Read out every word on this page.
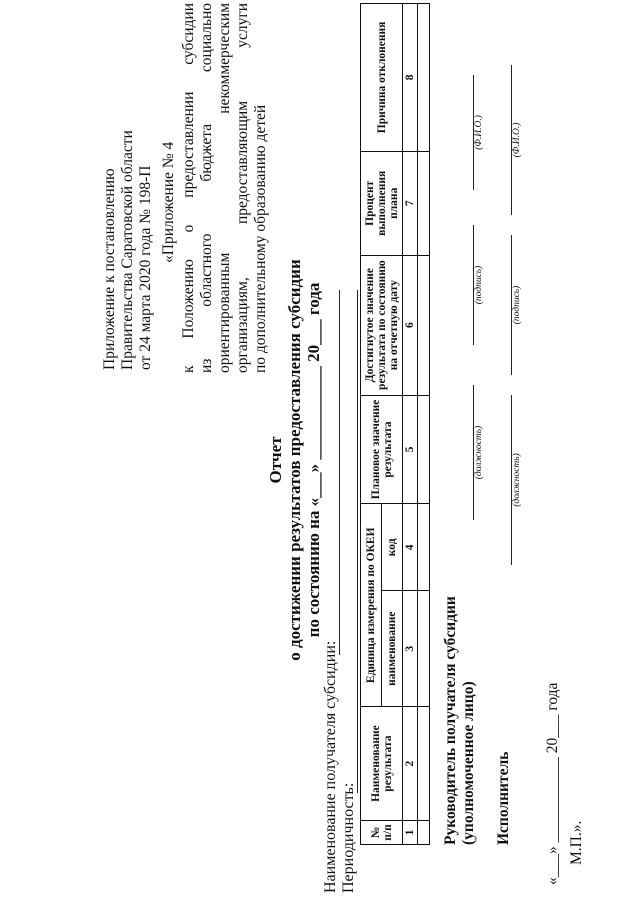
Приложение к постановлению Правительства Саратовской области от 24 марта 2020 года № 198-П «Приложение № 4 к Положению о предоставлении субсидии из областного бюджета социально ориентированным некоммерческим организациям, предоставляющим услуги по дополнительному образованию детей
Отчет о достижении результатов предоставления субсидии по состоянию на «___» ___________ 20___ года
Наименование получателя субсидии: Периодичность: № п/п	Наименование результата	Единица измерения по ОКЕИ		Плановое значение результата	Достигнутое значение результата по состоянию на отчетную дату	Процент выполнения плана	Причина отклонения
		наименование	код				
1	2	3	4	5	6	7	8

Руководитель получателя субсидии (уполномоченное лицо)
(должность)
(подпись)
(Ф.И.О.)
Исполнитель
(должность)
(подпись)
(Ф.И.О.)
«___» ___________ 20___ года М.П.».
